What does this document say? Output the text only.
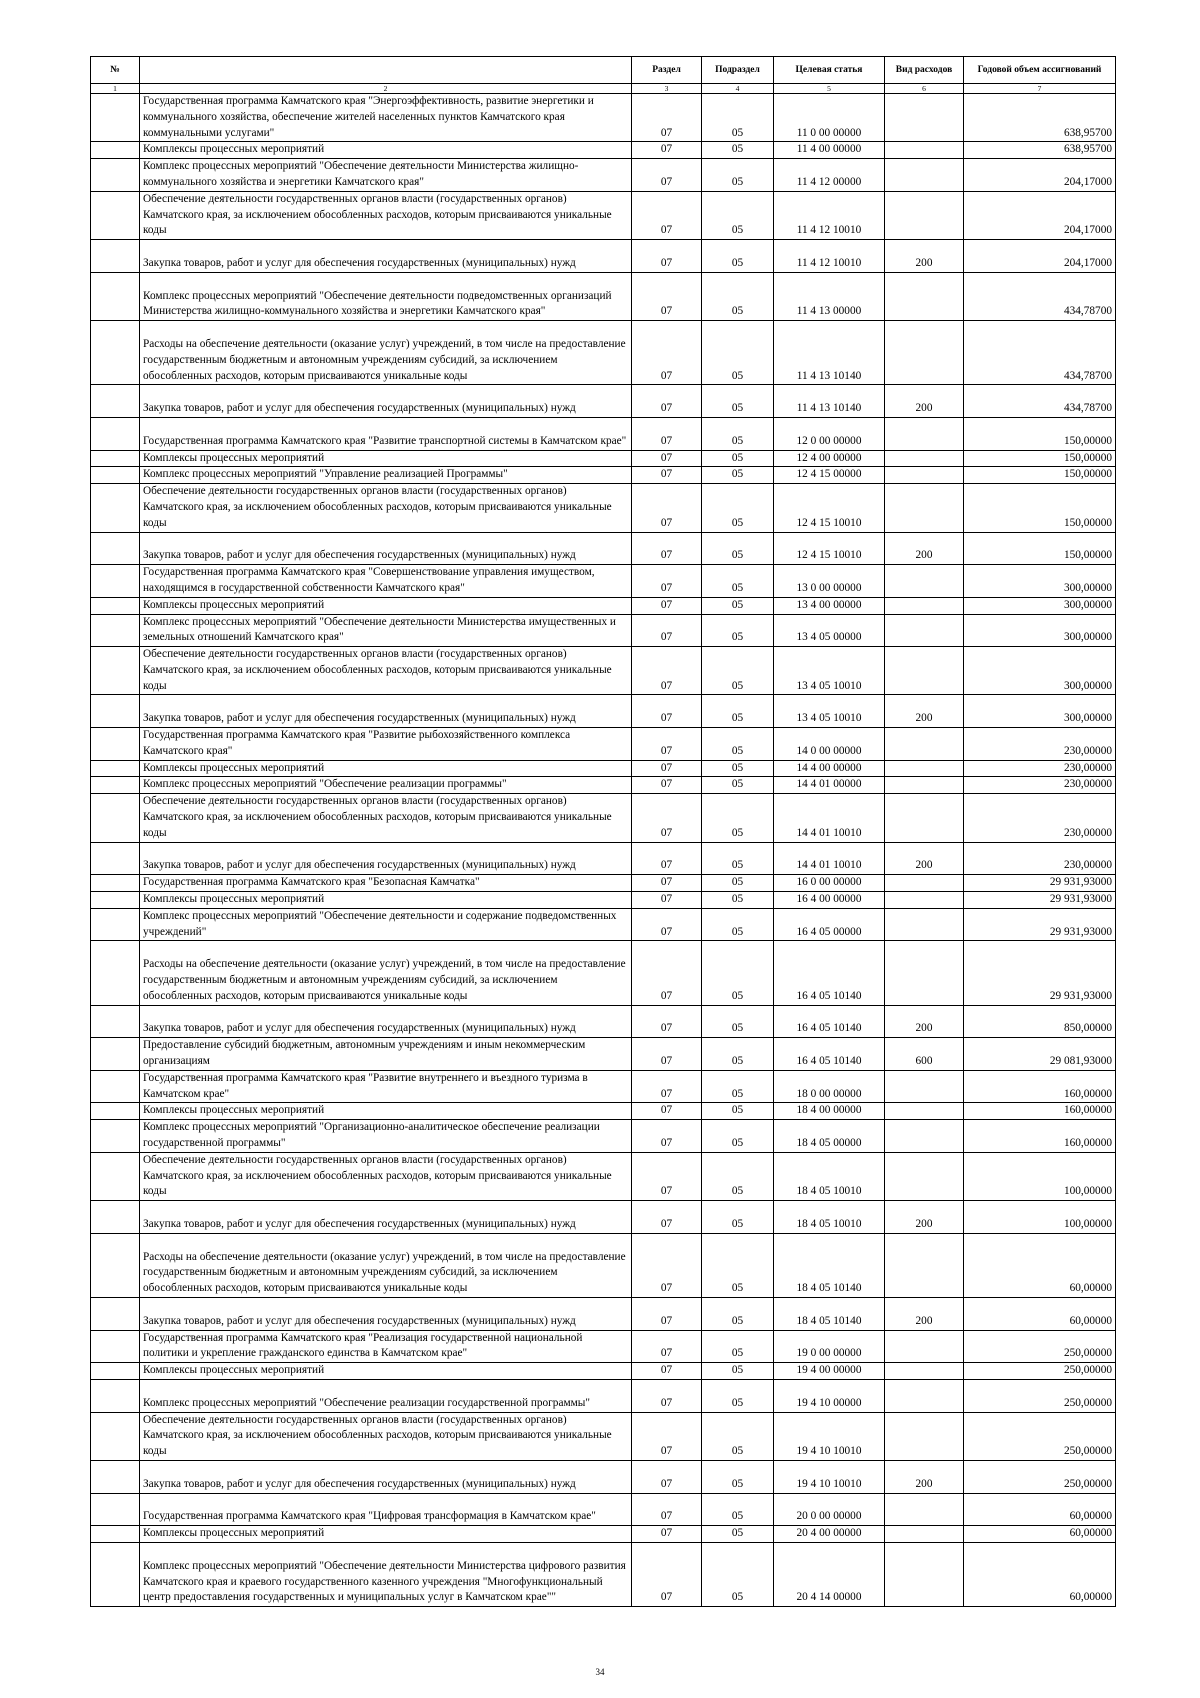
№		Раздел	Подраздел	Целевая статья	Вид расходов	Годовой объем ассигнований
1	2	3	4	5	6	7
	Государственная программа Камчатского края "Энергоэффективность, развитие энергетики и коммунального хозяйства, обеспечение жителей населенных пунктов Камчатского края коммунальными услугами"	07	05	11 0 00 00000		638,95700
	Комплексы процессных мероприятий	07	05	11 4 00 00000		638,95700
	Комплекс процессных мероприятий "Обеспечение деятельности Министерства жилищно-коммунального хозяйства и энергетики Камчатского края"	07	05	11 4 12 00000		204,17000
	Обеспечение деятельности государственных органов власти (государственных органов) Камчатского края, за исключением обособленных расходов, которым присваиваются уникальные коды	07	05	11 4 12 10010		204,17000
	Закупка товаров, работ и услуг для обеспечения государственных (муниципальных) нужд	07	05	11 4 12 10010	200	204,17000
	Комплекс процессных мероприятий "Обеспечение деятельности подведомственных организаций Министерства жилищно-коммунального хозяйства и энергетики Камчатского края"	07	05	11 4 13 00000		434,78700
	Расходы на обеспечение деятельности (оказание услуг) учреждений, в том числе на предоставление государственным бюджетным и автономным учреждениям субсидий, за исключением обособленных расходов, которым присваиваются уникальные коды	07	05	11 4 13 10140		434,78700
	Закупка товаров, работ и услуг для обеспечения государственных (муниципальных) нужд	07	05	11 4 13 10140	200	434,78700
	Государственная программа Камчатского края "Развитие транспортной системы в Камчатском крае"	07	05	12 0 00 00000		150,00000
	Комплексы процессных мероприятий	07	05	12 4 00 00000		150,00000
	Комплекс процессных мероприятий "Управление реализацией Программы"	07	05	12 4 15 00000		150,00000
	Обеспечение деятельности государственных органов власти (государственных органов) Камчатского края, за исключением обособленных расходов, которым присваиваются уникальные коды	07	05	12 4 15 10010		150,00000
	Закупка товаров, работ и услуг для обеспечения государственных (муниципальных) нужд	07	05	12 4 15 10010	200	150,00000
	Государственная программа Камчатского края "Совершенствование управления имуществом, находящимся в государственной собственности Камчатского края"	07	05	13 0 00 00000		300,00000
	Комплексы процессных мероприятий	07	05	13 4 00 00000		300,00000
	Комплекс процессных мероприятий "Обеспечение деятельности Министерства имущественных и земельных отношений Камчатского края"	07	05	13 4 05 00000		300,00000
	Обеспечение деятельности государственных органов власти (государственных органов) Камчатского края, за исключением обособленных расходов, которым присваиваются уникальные коды	07	05	13 4 05 10010		300,00000
	Закупка товаров, работ и услуг для обеспечения государственных (муниципальных) нужд	07	05	13 4 05 10010	200	300,00000
	Государственная программа Камчатского края "Развитие рыбохозяйственного комплекса Камчатского края"	07	05	14 0 00 00000		230,00000
	Комплексы процессных мероприятий	07	05	14 4 00 00000		230,00000
	Комплекс процессных мероприятий "Обеспечение реализации программы"	07	05	14 4 01 00000		230,00000
	Обеспечение деятельности государственных органов власти (государственных органов) Камчатского края, за исключением обособленных расходов, которым присваиваются уникальные коды	07	05	14 4 01 10010		230,00000
	Закупка товаров, работ и услуг для обеспечения государственных (муниципальных) нужд	07	05	14 4 01 10010	200	230,00000
	Государственная программа Камчатского края "Безопасная Камчатка"	07	05	16 0 00 00000		29 931,93000
	Комплексы процессных мероприятий	07	05	16 4 00 00000		29 931,93000
	Комплекс процессных мероприятий "Обеспечение деятельности и содержание подведомственных учреждений"	07	05	16 4 05 00000		29 931,93000
	Расходы на обеспечение деятельности (оказание услуг) учреждений, в том числе на предоставление государственным бюджетным и автономным учреждениям субсидий, за исключением обособленных расходов, которым присваиваются уникальные коды	07	05	16 4 05 10140		29 931,93000
	Закупка товаров, работ и услуг для обеспечения государственных (муниципальных) нужд	07	05	16 4 05 10140	200	850,00000
	Предоставление субсидий бюджетным, автономным учреждениям и иным некоммерческим организациям	07	05	16 4 05 10140	600	29 081,93000
	Государственная программа Камчатского края "Развитие внутреннего и въездного туризма в Камчатском крае"	07	05	18 0 00 00000		160,00000
	Комплексы процессных мероприятий	07	05	18 4 00 00000		160,00000
	Комплекс процессных мероприятий "Организационно-аналитическое обеспечение реализации государственной программы"	07	05	18 4 05 00000		160,00000
	Обеспечение деятельности государственных органов власти (государственных органов) Камчатского края, за исключением обособленных расходов, которым присваиваются уникальные коды	07	05	18 4 05 10010		100,00000
	Закупка товаров, работ и услуг для обеспечения государственных (муниципальных) нужд	07	05	18 4 05 10010	200	100,00000
	Расходы на обеспечение деятельности (оказание услуг) учреждений, в том числе на предоставление государственным бюджетным и автономным учреждениям субсидий, за исключением обособленных расходов, которым присваиваются уникальные коды	07	05	18 4 05 10140		60,00000
	Закупка товаров, работ и услуг для обеспечения государственных (муниципальных) нужд	07	05	18 4 05 10140	200	60,00000
	Государственная программа Камчатского края "Реализация государственной национальной политики и укрепление гражданского единства в Камчатском крае"	07	05	19 0 00 00000		250,00000
	Комплексы процессных мероприятий	07	05	19 4 00 00000		250,00000
	Комплекс процессных мероприятий "Обеспечение реализации государственной программы"	07	05	19 4 10 00000		250,00000
	Обеспечение деятельности государственных органов власти (государственных органов) Камчатского края, за исключением обособленных расходов, которым присваиваются уникальные коды	07	05	19 4 10 10010		250,00000
	Закупка товаров, работ и услуг для обеспечения государственных (муниципальных) нужд	07	05	19 4 10 10010	200	250,00000
	Государственная программа Камчатского края "Цифровая трансформация в Камчатском крае"	07	05	20 0 00 00000		60,00000
	Комплексы процессных мероприятий	07	05	20 4 00 00000		60,00000
	Комплекс процессных мероприятий "Обеспечение деятельности Министерства цифрового развития Камчатского края и краевого государственного казенного учреждения "Многофункциональный центр предоставления государственных и муниципальных услуг в Камчатском крае""	07	05	20 4 14 00000		60,00000
34
